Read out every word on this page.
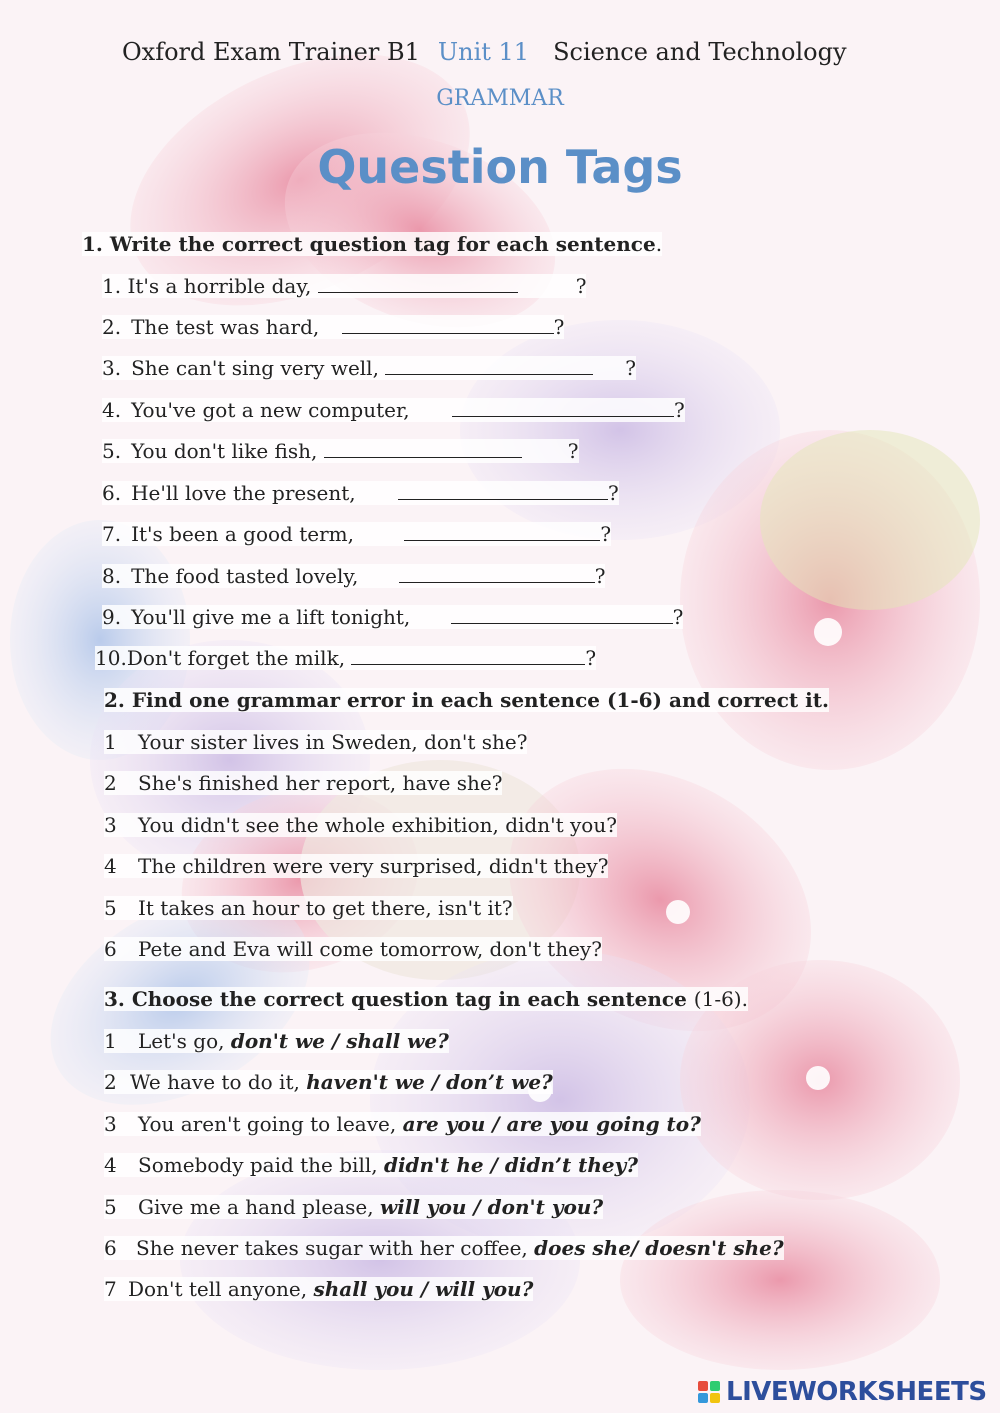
Oxford Exam Trainer B1 Unit 11 Science and Technology
GRAMMAR
Question Tags
1. Write the correct question tag for each sentence.
1. It's a horrible day,	?
2. The test was hard,	?
3. She can't sing very well,	?
4. You've got a new computer,	?
5. You don't like fish,	?
6. He'll love the present,	?
7. It's been a good term,	?
8. The food tasted lovely,	?
9. You'll give me a lift tonight,	?
10.Don't forget the milk,	?
2. Find one grammar error in each sentence (1-6) and correct it.
1 Your sister lives in Sweden, don't she?
2 She's finished her report, have she?
3 You didn't see the whole exhibition, didn't you?
4 The children were very surprised, didn't they?
5 It takes an hour to get there, isn't it?
6 Pete and Eva will come tomorrow, don't they?
3. Choose the correct question tag in each sentence (1-6).
1 Let's go, don't we / shall we?
2 We have to do it, haven't we / don’t we?
3 You aren't going to leave, are you / are you going to?
4 Somebody paid the bill, didn't he / didn’t they?
5 Give me a hand please, will you / don't you?
6 She never takes sugar with her coffee, does she/ doesn't she?
7 Don't tell anyone, shall you / will you?
LIVEWORKSHEETS
